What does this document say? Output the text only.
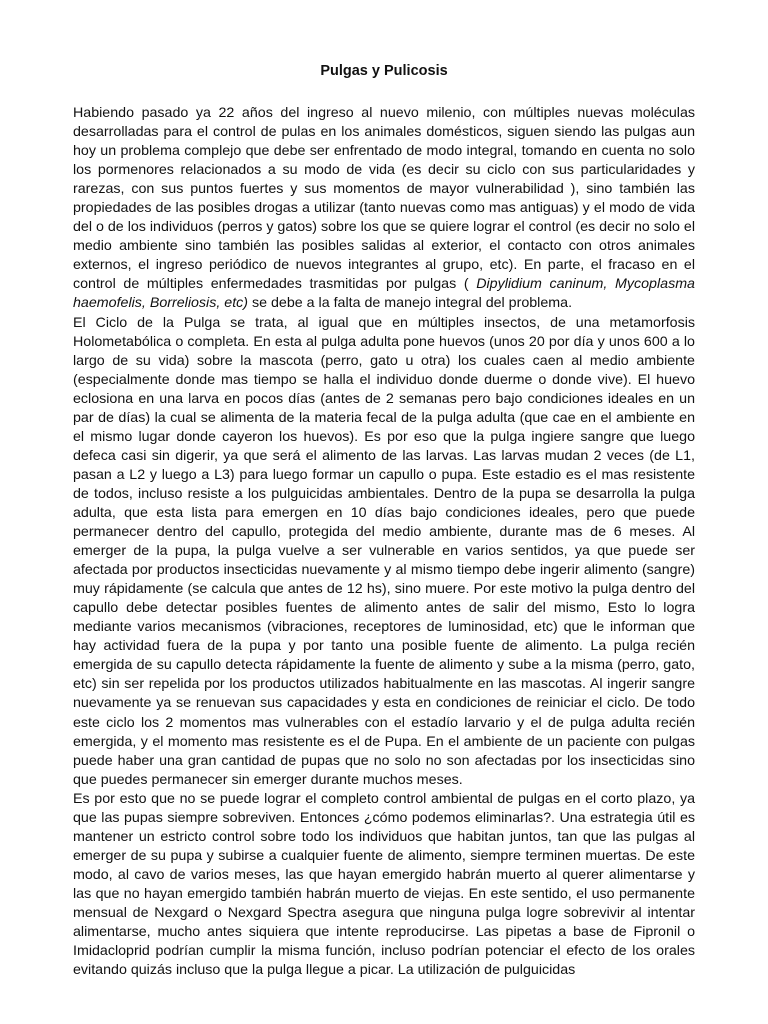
Pulgas y Pulicosis

Habiendo pasado ya 22 años del ingreso al nuevo milenio, con múltiples nuevas moléculas desarrolladas para el control de pulas en los animales domésticos, siguen siendo las pulgas aun hoy un problema complejo que debe ser enfrentado de modo integral, tomando en cuenta no solo los pormenores relacionados a su modo de vida (es decir su ciclo con sus particularidades y rarezas, con sus puntos fuertes y sus momentos de mayor vulnerabilidad ), sino también las propiedades de las posibles drogas a utilizar (tanto nuevas como mas antiguas) y el modo de vida del o de los individuos (perros y gatos) sobre los que se quiere lograr el control (es decir no solo el medio ambiente sino también las posibles salidas al exterior, el contacto con otros animales externos, el ingreso periódico de nuevos integrantes al grupo, etc). En parte, el fracaso en el control de múltiples enfermedades trasmitidas por pulgas ( Dipylidium caninum, Mycoplasma haemofelis, Borreliosis, etc) se debe a la falta de manejo integral del problema.

El Ciclo de la Pulga se trata, al igual que en múltiples insectos, de una metamorfosis Holometabólica o completa. En esta al pulga adulta pone huevos (unos 20 por día y unos 600 a lo largo de su vida) sobre la mascota (perro, gato u otra) los cuales caen al medio ambiente (especialmente donde mas tiempo se halla el individuo donde duerme o donde vive). El huevo eclosiona en una larva en pocos días (antes de 2 semanas pero bajo condiciones ideales en un par de días) la cual se alimenta de la materia fecal de la pulga adulta (que cae en el ambiente en el mismo lugar donde cayeron los huevos). Es por eso que la pulga ingiere sangre que luego defeca casi sin digerir, ya que será el alimento de las larvas. Las larvas mudan 2 veces (de L1, pasan a L2 y luego a L3) para luego formar un capullo o pupa. Este estadio es el mas resistente de todos, incluso resiste a los pulguicidas ambientales. Dentro de la pupa se desarrolla la pulga adulta, que esta lista para emergen en 10 días bajo condiciones ideales, pero que puede permanecer dentro del capullo, protegida del medio ambiente, durante mas de 6 meses. Al emerger de la pupa, la pulga vuelve a ser vulnerable en varios sentidos, ya que puede ser afectada por productos insecticidas nuevamente y al mismo tiempo debe ingerir alimento (sangre) muy rápidamente (se calcula que antes de 12 hs), sino muere. Por este motivo la pulga dentro del capullo debe detectar posibles fuentes de alimento antes de salir del mismo, Esto lo logra mediante varios mecanismos (vibraciones, receptores de luminosidad, etc) que le informan que hay actividad fuera de la pupa y por tanto una posible fuente de alimento. La pulga recién emergida de su capullo detecta rápidamente la fuente de alimento y sube a la misma (perro, gato, etc) sin ser repelida por los productos utilizados habitualmente en las mascotas. Al ingerir sangre nuevamente ya se renuevan sus capacidades y esta en condiciones de reiniciar el ciclo. De todo este ciclo los 2 momentos mas vulnerables con el estadío larvario y el de pulga adulta recién emergida, y el momento mas resistente es el de Pupa. En el ambiente de un paciente con pulgas puede haber una gran cantidad de pupas que no solo no son afectadas por los insecticidas sino que puedes permanecer sin emerger durante muchos meses.

Es por esto que no se puede lograr el completo control ambiental de pulgas en el corto plazo, ya que las pupas siempre sobreviven. Entonces ¿cómo podemos eliminarlas?. Una estrategia útil es mantener un estricto control sobre todo los individuos que habitan juntos, tan que las pulgas al emerger de su pupa y subirse a cualquier fuente de alimento, siempre terminen muertas. De este modo, al cavo de varios meses, las que hayan emergido habrán muerto al querer alimentarse y las que no hayan emergido también habrán muerto de viejas. En este sentido, el uso permanente mensual de Nexgard o Nexgard Spectra asegura que ninguna pulga logre sobrevivir al intentar alimentarse, mucho antes siquiera que intente reproducirse. Las pipetas a base de Fipronil o Imidacloprid podrían cumplir la misma función, incluso podrían potenciar el efecto de los orales evitando quizás incluso que la pulga llegue a picar. La utilización de pulguicidas
